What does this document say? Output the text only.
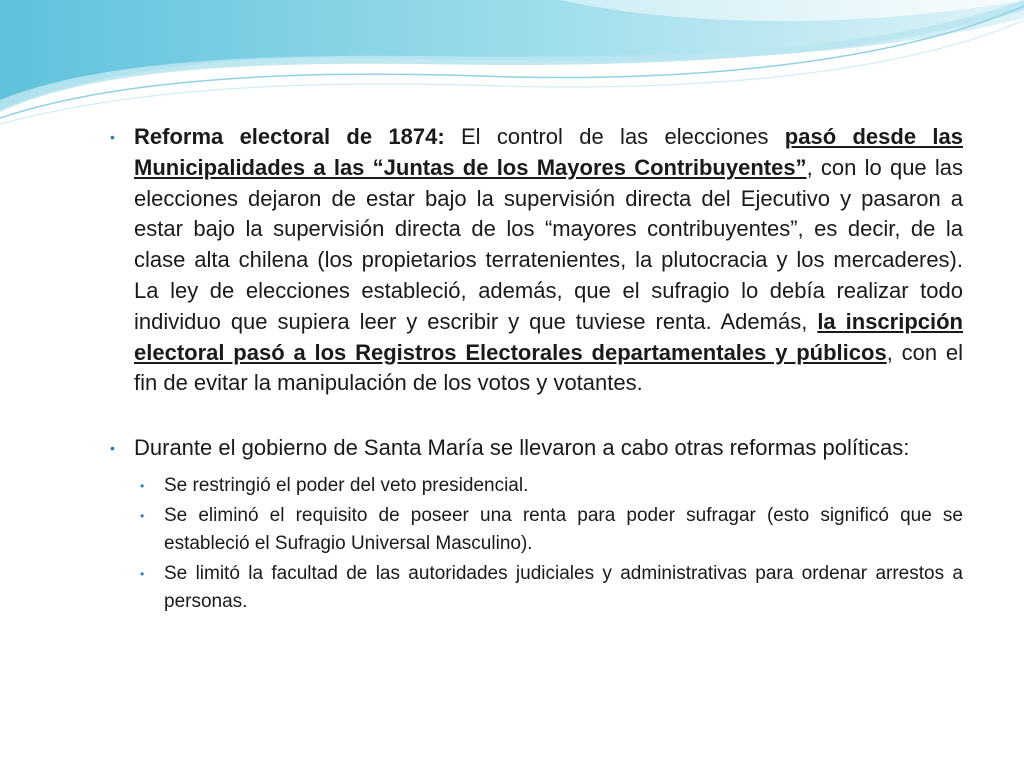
• Reforma electoral de 1874: El control de las elecciones pasó desde las Municipalidades a las “Juntas de los Mayores Contribuyentes”, con lo que las elecciones dejaron de estar bajo la supervisión directa del Ejecutivo y pasaron a estar bajo la supervisión directa de los “mayores contribuyentes”, es decir, de la clase alta chilena (los propietarios terratenientes, la plutocracia y los mercaderes). La ley de elecciones estableció, además, que el sufragio lo debía realizar todo individuo que supiera leer y escribir y que tuviese renta. Además, la inscripción electoral pasó a los Registros Electorales departamentales y públicos, con el fin de evitar la manipulación de los votos y votantes.

• Durante el gobierno de Santa María se llevaron a cabo otras reformas políticas:

• Se restringió el poder del veto presidencial.

• Se eliminó el requisito de poseer una renta para poder sufragar (esto significó que se estableció el Sufragio Universal Masculino).

• Se limitó la facultad de las autoridades judiciales y administrativas para ordenar arrestos a personas.
